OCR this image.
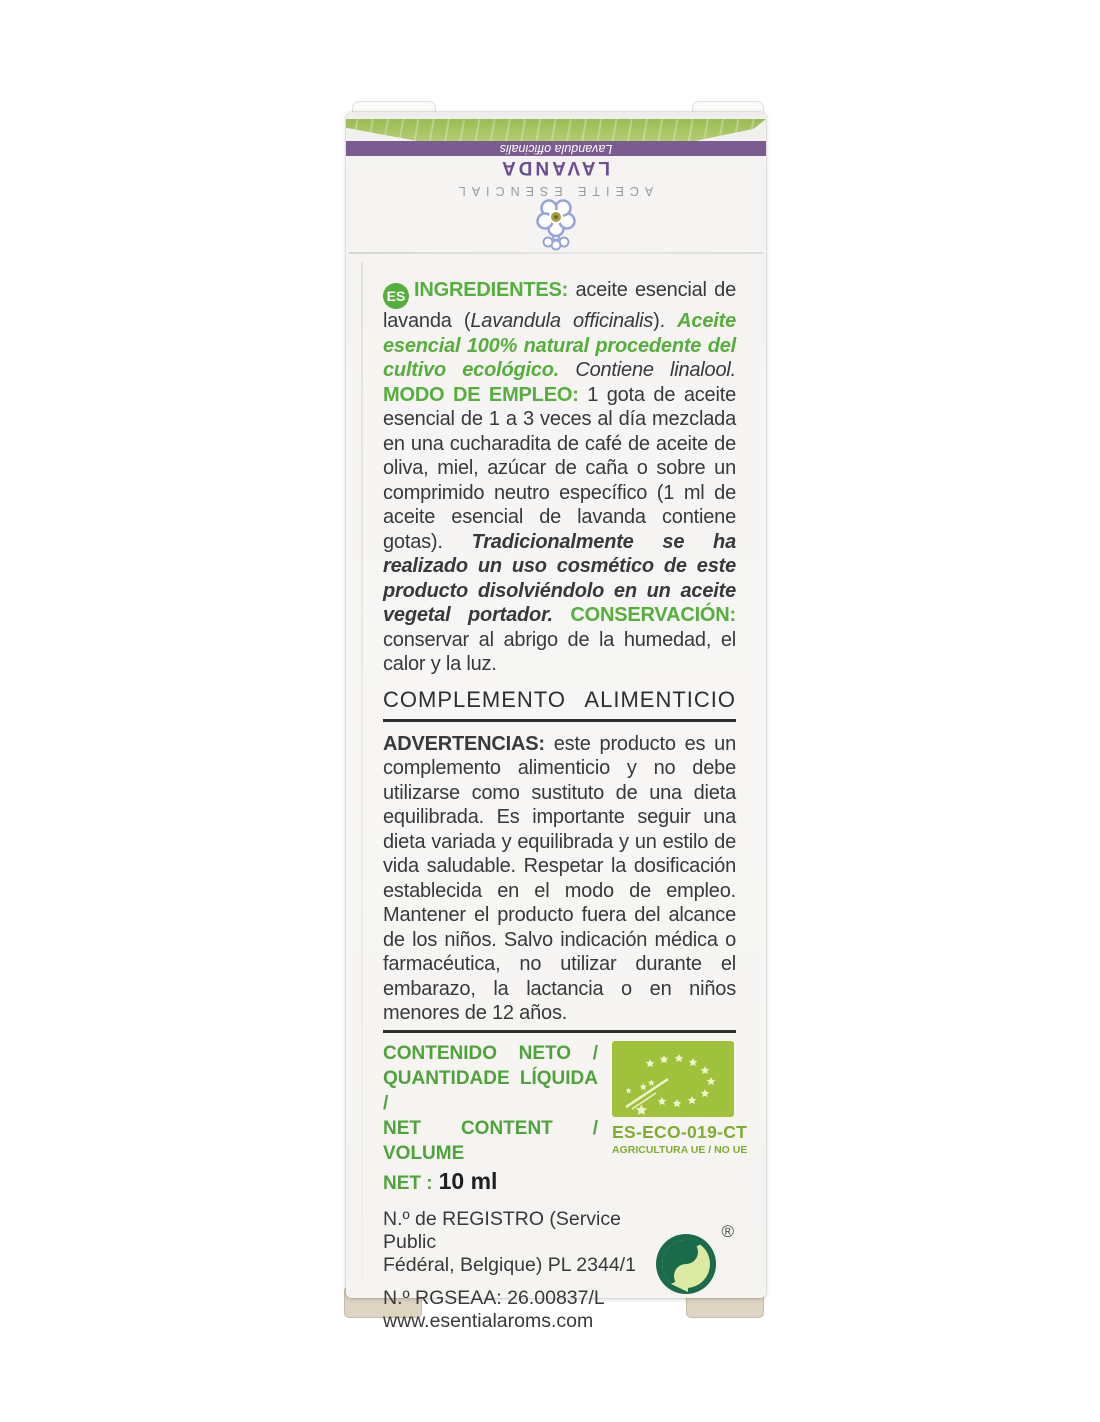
ACEITE ESENCIAL
LAVANDA
Lavandula officinalis

ES INGREDIENTES: aceite esencial de lavanda (Lavandula officinalis). Aceite esencial 100% natural procedente del cultivo ecológico. Contiene linalool. MODO DE EMPLEO: 1 gota de aceite esencial de 1 a 3 veces al día mezclada en una cucharadita de café de aceite de oliva, miel, azúcar de caña o sobre un comprimido neutro específico (1 ml de aceite esencial de lavanda contiene gotas). Tradicionalmente se ha realizado un uso cosmético de este producto disolviéndolo en un aceite vegetal portador. CONSERVACIÓN: conservar al abrigo de la humedad, el calor y la luz.

COMPLEMENTO ALIMENTICIO

ADVERTENCIAS: este producto es un complemento alimenticio y no debe utilizarse como sustituto de una dieta equilibrada. Es importante seguir una dieta variada y equilibrada y un estilo de vida saludable. Respetar la dosificación establecida en el modo de empleo. Mantener el producto fuera del alcance de los niños. Salvo indicación médica o farmacéutica, no utilizar durante el embarazo, la lactancia o en niños menores de 12 años.

CONTENIDO NETO /
QUANTIDADE LÍQUIDA /
NET CONTENT / VOLUME
NET : 10 ml
ES-ECO-019-CT
AGRICULTURA UE / NO UE

N.º de REGISTRO (Service Public
Fédéral, Belgique) PL 2344/1

N.º RGSEAA: 26.00837/L
www.esentialaroms.com

®
